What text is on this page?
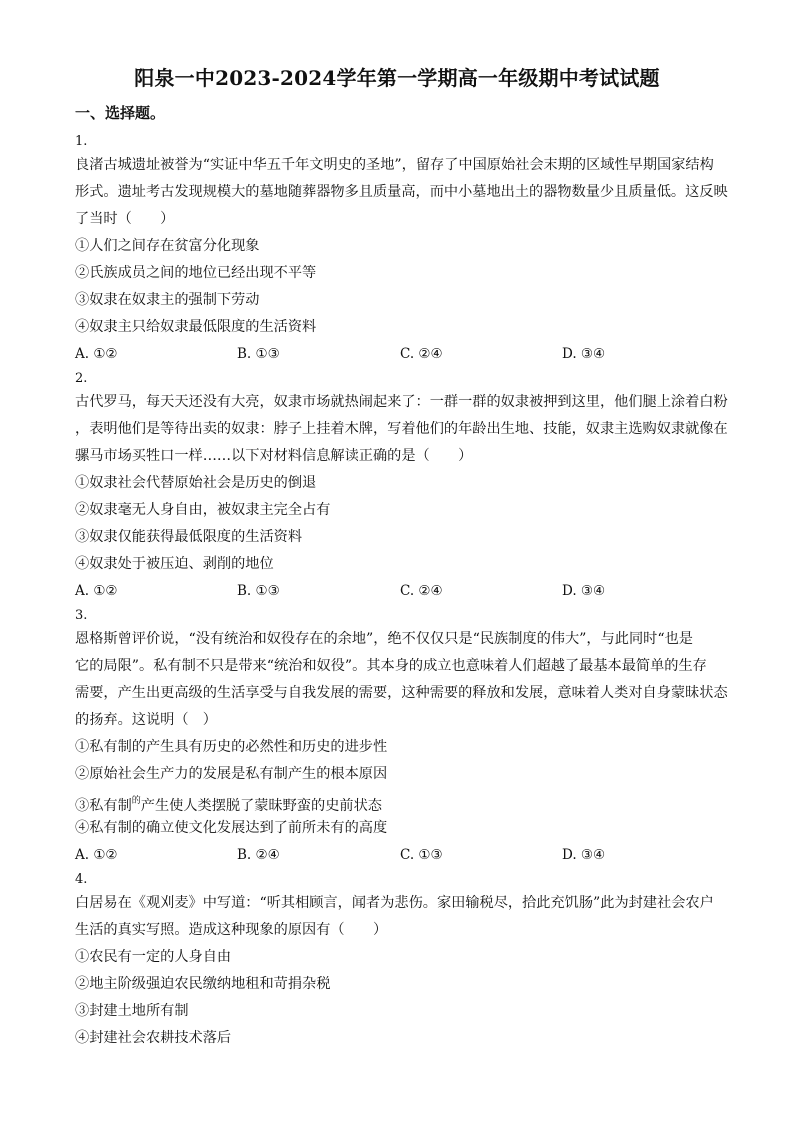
阳泉一中2023-2024学年第一学期高一年级期中考试试题
一、选择题。
1.
良渚古城遗址被誉为“实证中华五千年文明史的圣地”，留存了中国原始社会末期的区域性早期国家结构
形式。遗址考古发现规模大的墓地随葬器物多且质量高，而中小墓地出土的器物数量少且质量低。这反映
了当时（　　）
①人们之间存在贫富分化现象
②氏族成员之间的地位已经出现不平等
③奴隶在奴隶主的强制下劳动
④奴隶主只给奴隶最低限度的生活资料
A. ①②	B. ①③	C. ②④	D. ③④
2.
古代罗马，每天天还没有大亮，奴隶市场就热闹起来了：一群一群的奴隶被押到这里，他们腿上涂着白粉
，表明他们是等待出卖的奴隶：脖子上挂着木牌，写着他们的年龄出生地、技能，奴隶主选购奴隶就像在
骡马市场买牲口一样……以下对材料信息解读正确的是（　　）
①奴隶社会代替原始社会是历史的倒退
②奴隶毫无人身自由，被奴隶主完全占有
③奴隶仅能获得最低限度的生活资料
④奴隶处于被压迫、剥削的地位
A. ①②	B. ①③	C. ②④	D. ③④
3.
恩格斯曾评价说，“没有统治和奴役存在的余地”，绝不仅仅只是“民族制度的伟大”，与此同时“也是
它的局限”。私有制不只是带来“统治和奴役”。其本身的成立也意味着人们超越了最基本最简单的生存
需要，产生出更高级的生活享受与自我发展的需要，这种需要的释放和发展，意味着人类对自身蒙昧状态
的扬弃。这说明（　）
①私有制的产生具有历史的必然性和历史的进步性
②原始社会生产力的发展是私有制产生的根本原因
③私有制$^的$产生使人类摆脱了蒙昧野蛮的史前状态
④私有制的确立使文化发展达到了前所未有的高度
A. ①②	B. ②④	C. ①③	D. ③④
4.
白居易在《观刈麦》中写道：“听其相顾言，闻者为悲伤。家田输税尽，拾此充饥肠”此为封建社会农户
生活的真实写照。造成这种现象的原因有（　　）
①农民有一定的人身自由
②地主阶级强迫农民缴纳地租和苛捐杂税
③封建土地所有制
④封建社会农耕技术落后
